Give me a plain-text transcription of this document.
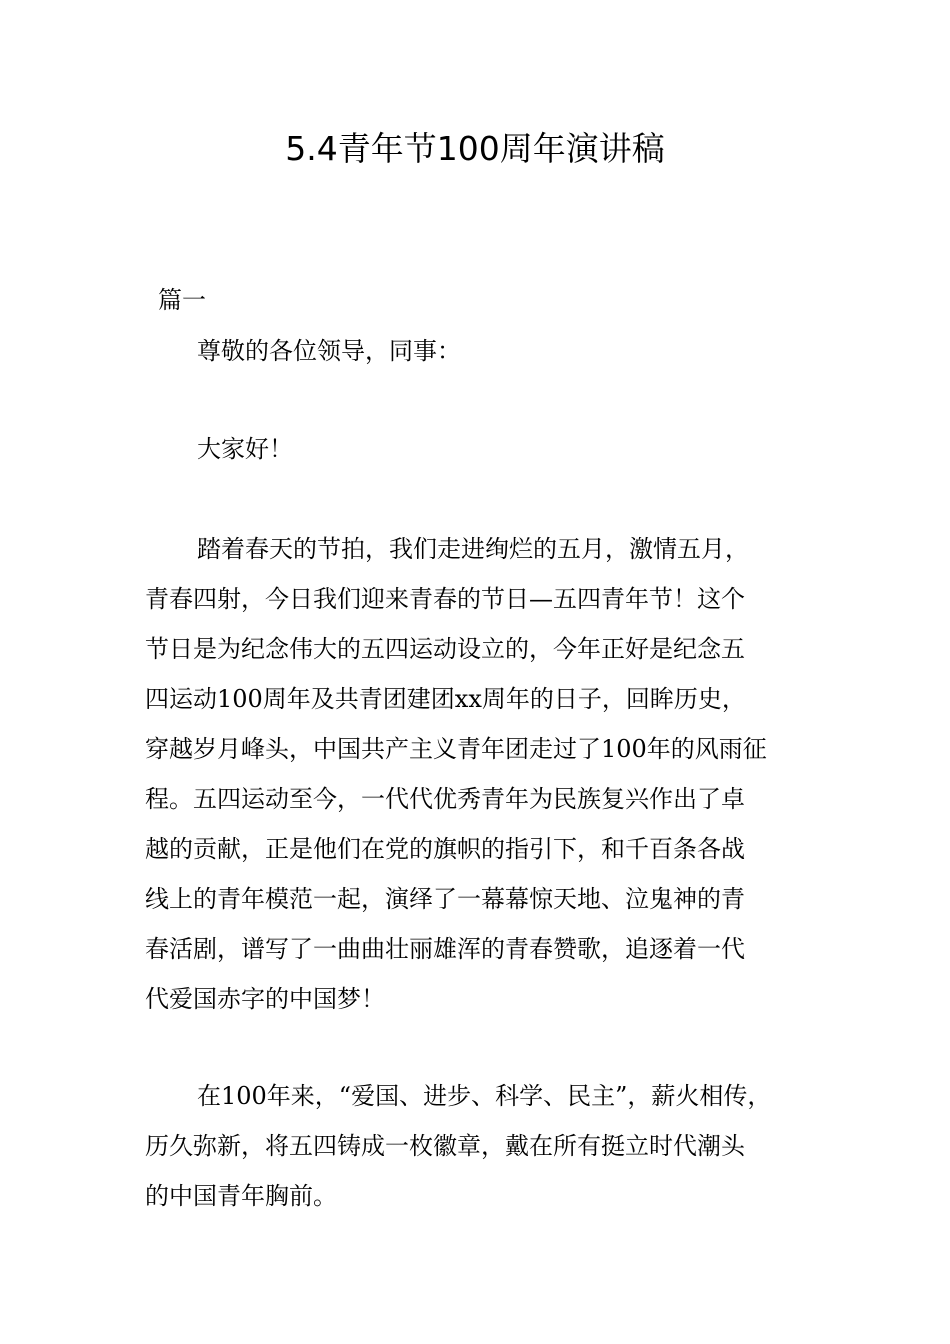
5.4青年节100周年演讲稿
篇一
尊敬的各位领导，同事：
大家好！
踏着春天的节拍，我们走进绚烂的五月，激情五月，
青春四射，今日我们迎来青春的节日—五四青年节！这个
节日是为纪念伟大的五四运动设立的，今年正好是纪念五
四运动100周年及共青团建团xx周年的日子，回眸历史，
穿越岁月峰头，中国共产主义青年团走过了100年的风雨征
程。五四运动至今，一代代优秀青年为民族复兴作出了卓
越的贡献，正是他们在党的旗帜的指引下，和千百条各战
线上的青年模范一起，演绎了一幕幕惊天地、泣鬼神的青
春活剧，谱写了一曲曲壮丽雄浑的青春赞歌，追逐着一代
代爱国赤字的中国梦！
在100年来，“爱国、进步、科学、民主”，薪火相传，
历久弥新，将五四铸成一枚徽章，戴在所有挺立时代潮头
的中国青年胸前。
